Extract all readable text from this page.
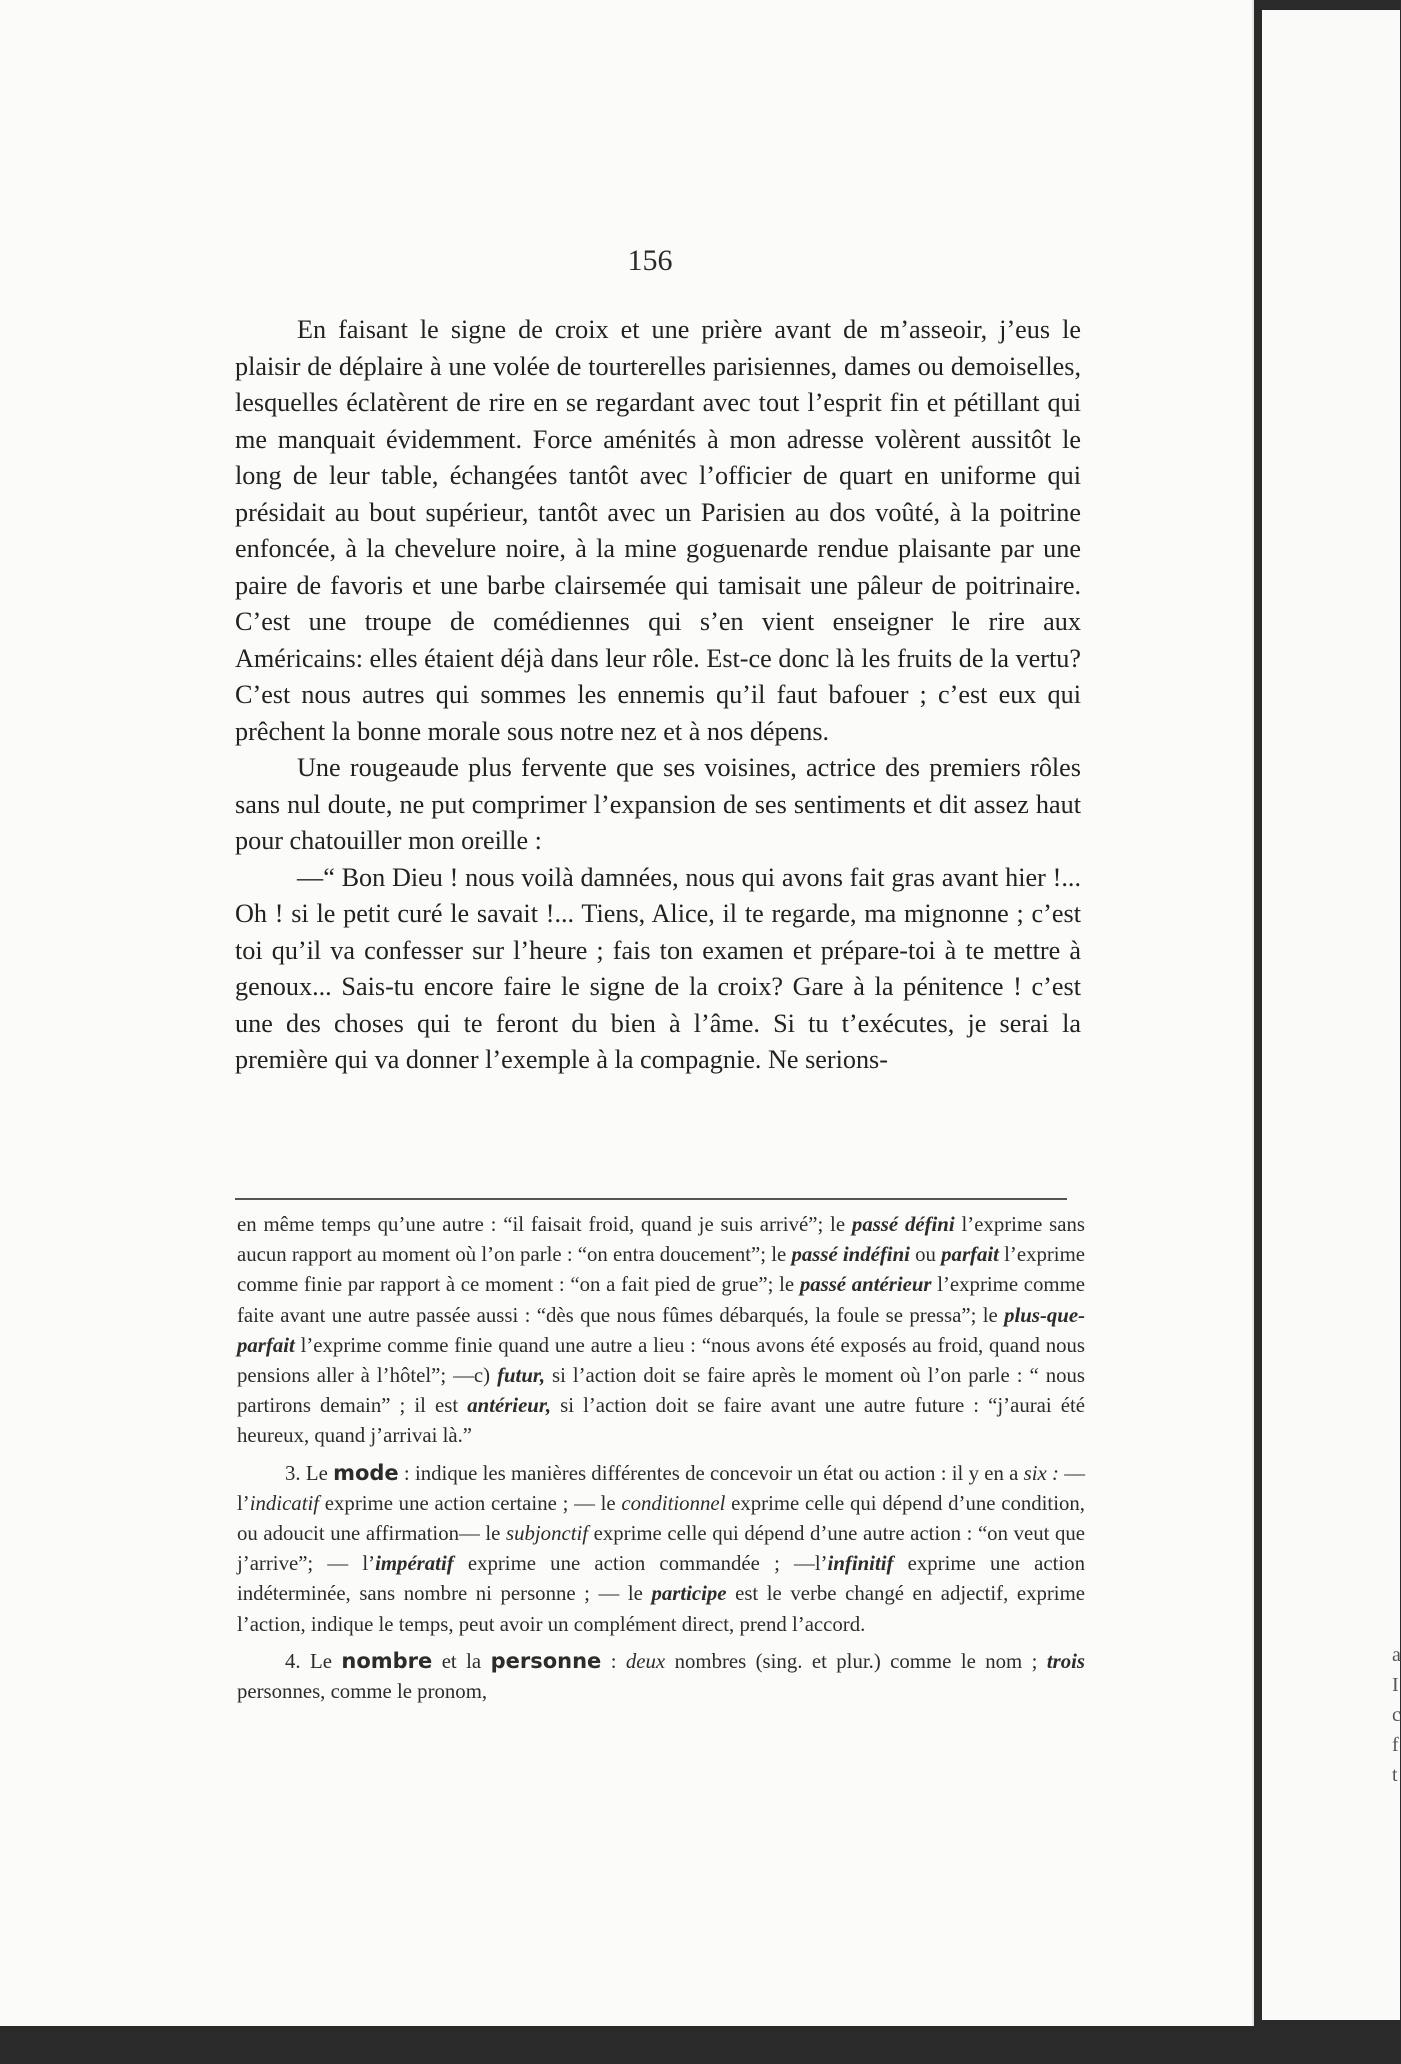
156

En faisant le signe de croix et une prière avant de m’asseoir, j’eus le plaisir de déplaire à une volée de tourterelles parisiennes, dames ou demoiselles, lesquelles éclatèrent de rire en se regardant avec tout l’esprit fin et pétillant qui me manquait évidemment. Force aménités à mon adresse volèrent aussitôt le long de leur table, échangées tantôt avec l’officier de quart en uniforme qui présidait au bout supérieur, tantôt avec un Parisien au dos voûté, à la poitrine enfoncée, à la chevelure noire, à la mine goguenarde rendue plaisante par une paire de favoris et une barbe clairsemée qui tamisait une pâleur de poitrinaire. C’est une troupe de comédiennes qui s’en vient enseigner le rire aux Américains: elles étaient déjà dans leur rôle. Est-ce donc là les fruits de la vertu? C’est nous autres qui sommes les ennemis qu’il faut bafouer ; c’est eux qui prêchent la bonne morale sous notre nez et à nos dépens.

Une rougeaude plus fervente que ses voisines, actrice des premiers rôles sans nul doute, ne put comprimer l’expansion de ses sentiments et dit assez haut pour chatouiller mon oreille :

—“ Bon Dieu ! nous voilà damnées, nous qui avons fait gras avant hier !... Oh ! si le petit curé le savait !... Tiens, Alice, il te regarde, ma mignonne ; c’est toi qu’il va confesser sur l’heure ; fais ton examen et prépare-toi à te mettre à genoux... Sais-tu encore faire le signe de la croix? Gare à la pénitence ! c’est une des choses qui te feront du bien à l’âme. Si tu t’exécutes, je serai la première qui va donner l’exemple à la compagnie. Ne serions-

en même temps qu’une autre : “il faisait froid, quand je suis arrivé”; le passé défini l’exprime sans aucun rapport au moment où l’on parle : “on entra doucement”; le passé indéfini ou parfait l’exprime comme finie par rapport à ce moment : “on a fait pied de grue”; le passé antérieur l’exprime comme faite avant une autre passée aussi : “dès que nous fûmes débarqués, la foule se pressa”; le plus-que-parfait l’exprime comme finie quand une autre a lieu : “nous avons été exposés au froid, quand nous pensions aller à l’hôtel”; —c) futur, si l’action doit se faire après le moment où l’on parle : “ nous partirons demain” ; il est antérieur, si l’action doit se faire avant une autre future : “j’aurai été heureux, quand j’arrivai là.”

3. Le mode : indique les manières différentes de concevoir un état ou action : il y en a six : — l’indicatif exprime une action certaine ; — le conditionnel exprime celle qui dépend d’une condition, ou adoucit une affirmation— le subjonctif exprime celle qui dépend d’une autre action : “on veut que j’arrive”; — l’impératif exprime une action commandée ; —l’infinitif exprime une action indéterminée, sans nombre ni personne ; — le participe est le verbe changé en adjectif, exprime l’action, indique le temps, peut avoir un complément direct, prend l’accord.

4. Le nombre et la personne : deux nombres (sing. et plur.) comme le nom ; trois personnes, comme le pronom,

a
I
c
f
t
